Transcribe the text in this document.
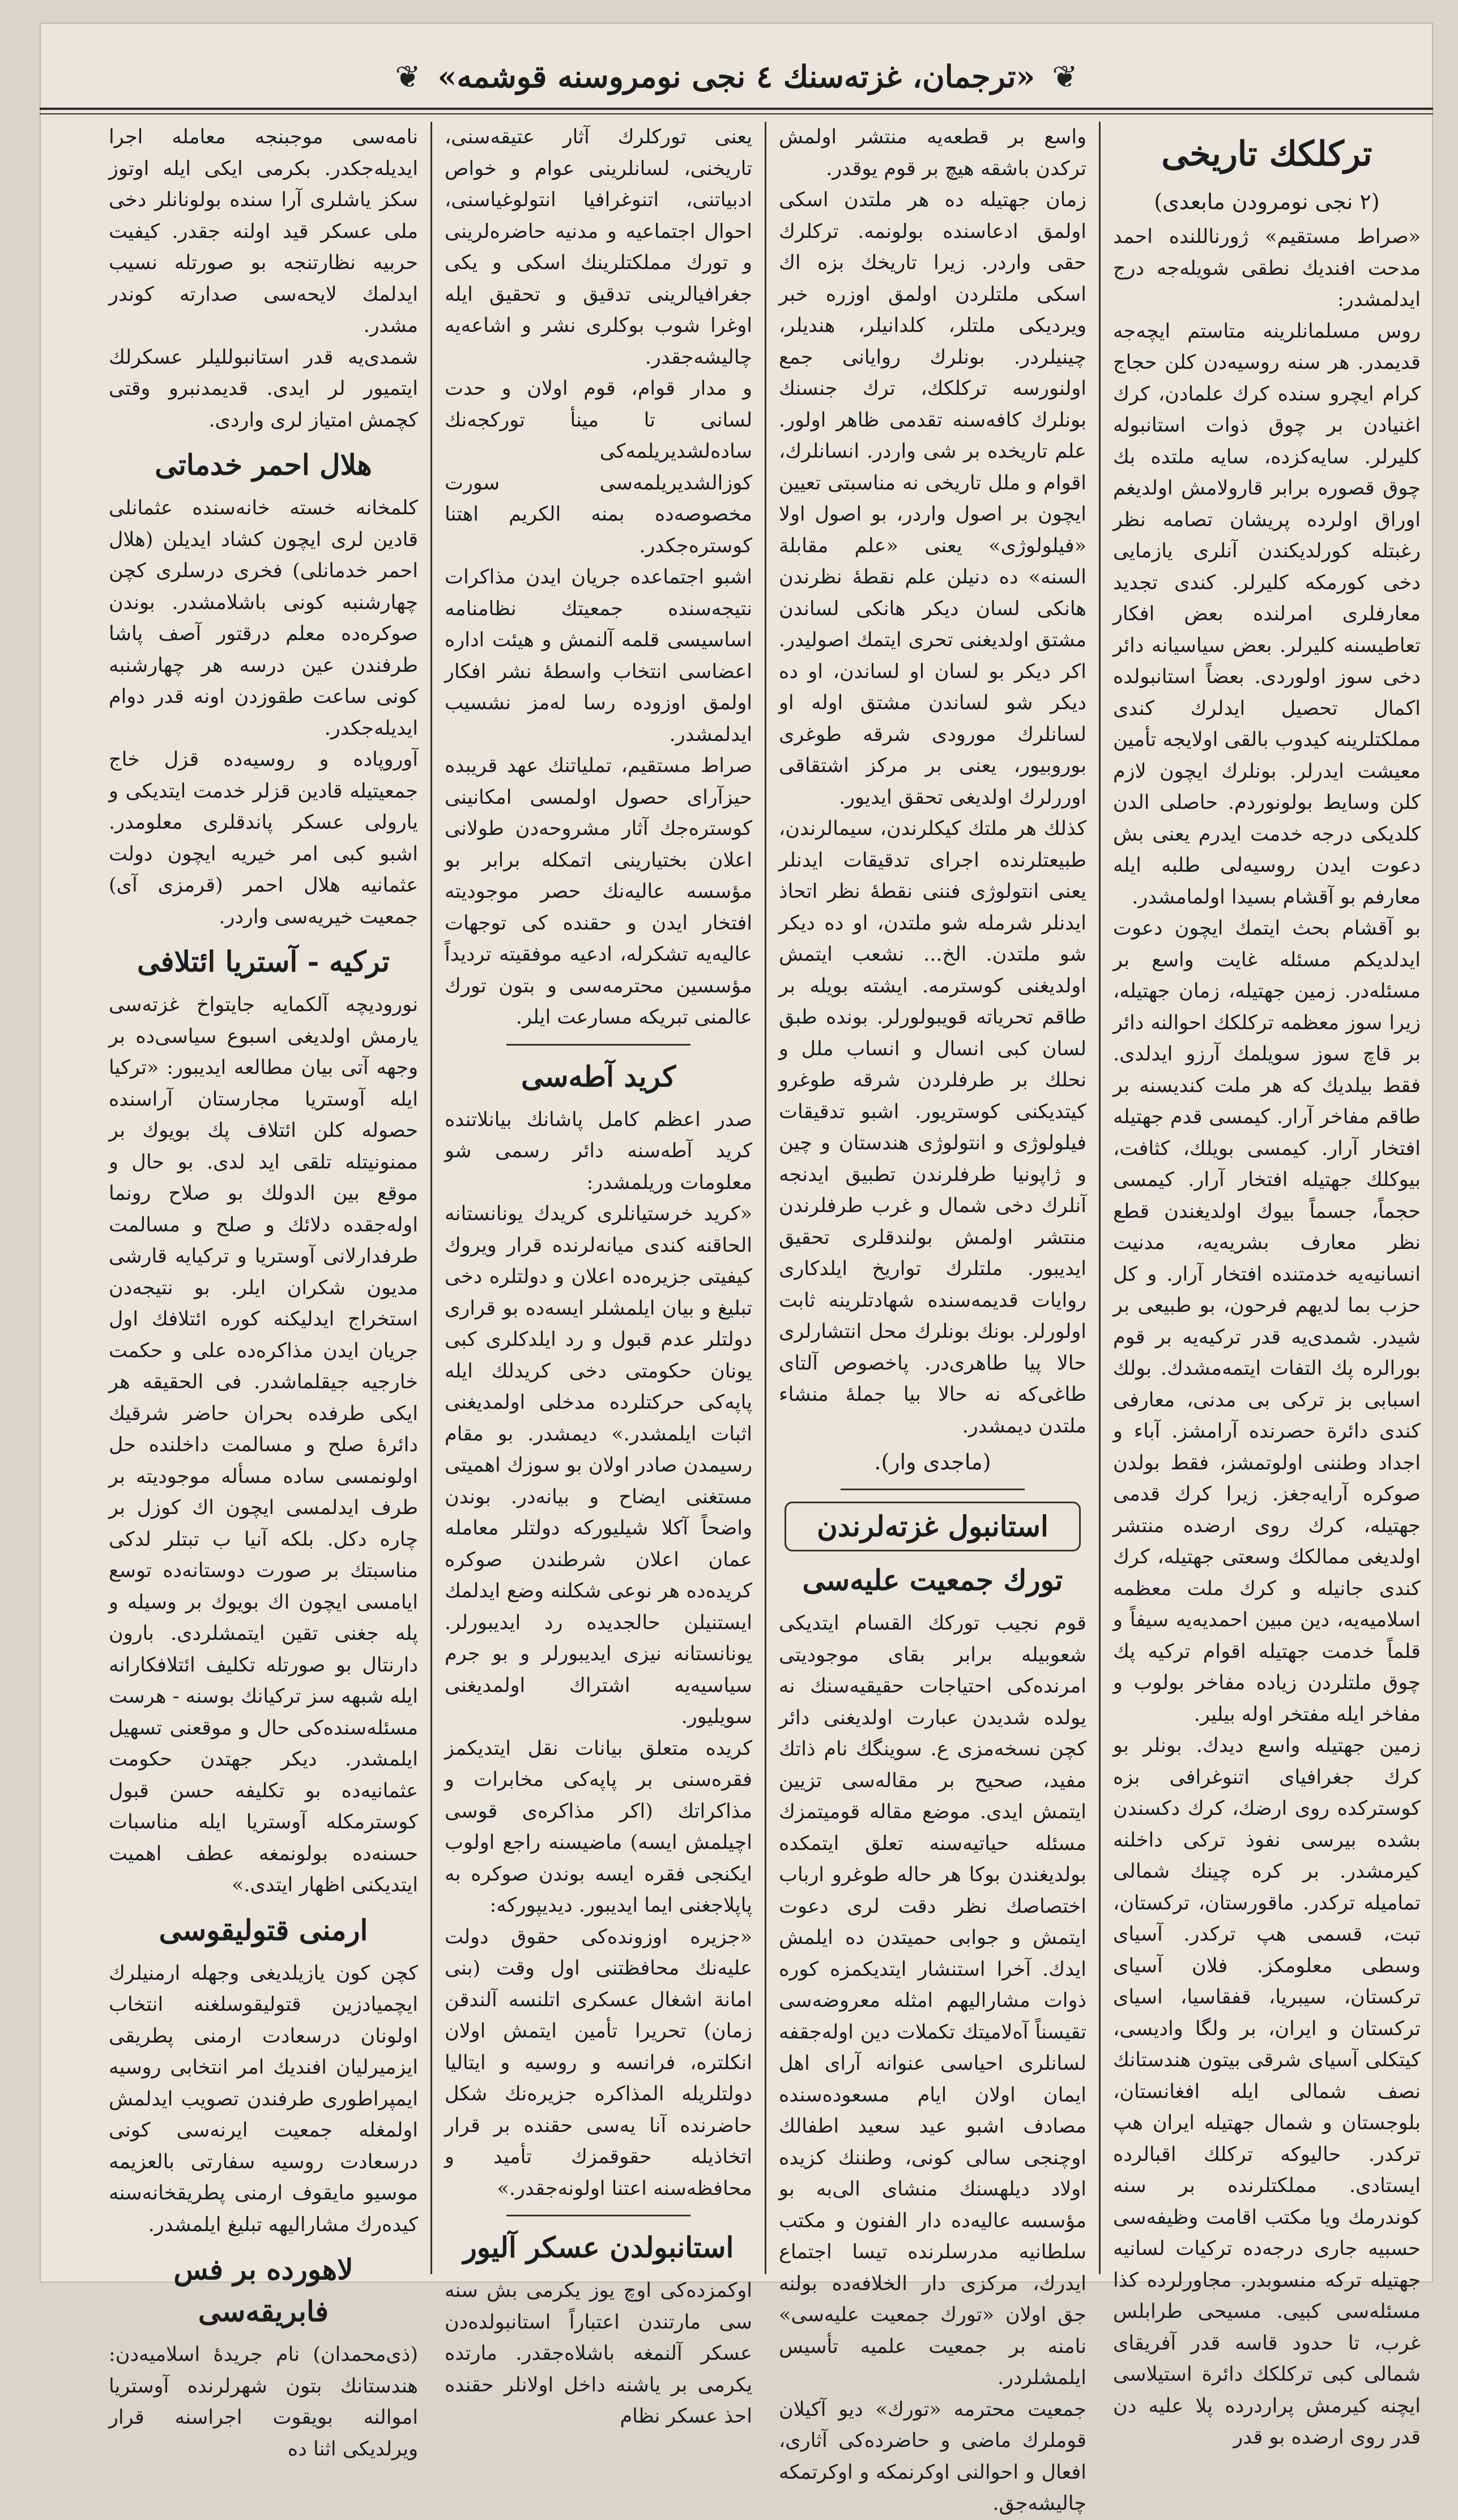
❦ «ترجمان، غزته‌سنك ٤ نجی نومروسنه قوشمه» ❦
تركلكك تاريخی
(٢ نجی نومرودن مابعدی)

«صراط مستقيم» ژورناللنده احمد مدحت افنديك نطقی شويله‌جه درج ايدلمشدر:

روس مسلمانلرينه متاستم ايچه‌جه قديمدر. هر سنه روسيه‌دن كلن حجاج كرام ايچرو سنده كرك علمادن، كرك اغنيادن بر چوق ذوات استانبوله كليرلر. سايه‌كزده، سايه ملتده بك چوق قصوره برابر قارولامش اولديغم اوراق اولرده پريشان تصامه نظر رغبتله كورلديكندن آنلری يازمايی دخی كورمكه كليرلر. كندی تجديد معارفلری امرلنده بعض افكار تعاطيسنه كليرلر. بعض سياسيانه دائر دخی سوز اولوردی. بعضاً استانبولده اكمال تحصيل ايدلرك كندی مملكتلرينه كيدوب بالقی اولايجه تأمين معيشت ايدرلر. بونلرك ايچون لازم كلن وسايط بولونوردم. حاصلی الدن كلديكی درجه خدمت ايدرم يعنی بش دعوت ايدن روسيه‌لی طلبه ايله معارفم بو آقشام بسيدا اولمامشدر.

بو آقشام بحث ايتمك ايچون دعوت ايدلديكم مسئله غايت واسع بر مسئله‌در. زمين جهتيله، زمان جهتيله، زيرا سوز معظمه تركلكك احوالنه دائر بر قاچ سوز سويلمك آرزو ايدلدی. فقط بيلديك كه هر ملت كنديسنه بر طاقم مفاخر آرار. كيمسی قدم جهتيله افتخار آرار. كيمسی بويلك، كثافت، بيوكلك جهتيله افتخار آرار. كيمسی حجماً، جسماً بيوك اولديغندن قطع نظر معارف بشريه‌يه، مدنيت انسانيه‌يه خدمتنده افتخار آرار. و كل حزب بما لديهم فرحون، بو طبيعی بر شيدر. شمدی‌يه قدر تركيه‌يه بر قوم بورالره پك التفات ايتمه‌مشدك. بولك اسبابی بز تركی بی مدنی، معارفی كندی دائرة حصرنده آرامشز. آباء و اجداد وطننی اولوتمشز، فقط بولدن صوكره آرايه‌جغز. زيرا كرك قدمی جهتيله، كرك روی ارضده منتشر اولديغی ممالكك وسعتی جهتيله، كرك كندی جانيله و كرك ملت معظمه اسلاميه‌يه، دين مبين احمديه‌يه سيفاً و قلماً خدمت جهتيله اقوام تركيه پك چوق ملتلردن زياده مفاخر بولوب و مفاخر ايله مفتخر اوله بيلير.

زمين جهتيله واسع ديدك. بونلر بو كرك جغرافيای اتنوغرافی بزه كوستركده روی ارضك، كرك دكسندن بشده بيرسی نفوذ تركی داخلنه كيرمشدر. بر كره چينك شمالی تماميله تركدر. ماقورستان، تركستان، تبت، قسمی هپ تركدر. آسيای وسطی معلومكز. فلان آسيای تركستان، سيبريا، قفقاسيا، اسيای تركستان و ايران، بر ولگا واديسی، كيتكلی آسيای شرقی بيتون هندستانك نصف شمالی ايله افغانستان، بلوجستان و شمال جهتيله ايران هپ تركدر. حاليوكه تركلك اقبالرده ايستادی. مملكتلرنده بر سنه كوندرمك ويا مكتب اقامت وظيفه‌سی حسبيه جاری درجه‌ده تركيات لسانيه جهتيله تركه منسوبدر. مجاورلرده كذا مسئله‌سی كبيی. مسيحی طرابلس غرب، تا حدود قاسه قدر آفريقای شمالی كبی تركلكك دائرة استيلاسی ايچنه كيرمش پراردرده پلا عليه دن قدر روی ارضده بو قدر

واسع بر قطعه‌يه منتشر اولمش تركدن باشقه هيچ بر قوم يوقدر.

زمان جهتيله ده هر ملتدن اسكی اولمق ادعاسنده بولونمه. تركلرك حقی واردر. زيرا تاريخك بزه اك اسكی ملتلردن اولمق اوزره خبر ويرديكی ملتلر، كلدانيلر، هنديلر، چينيلردر. بونلرك روايانی جمع اولنورسه تركلكك، ترك جنسنك بونلرك كافه‌سنه تقدمی ظاهر اولور. علم تاريخده بر شی واردر. انسانلرك، اقوام و ملل تاريخی نه مناسبتی تعيين ايچون بر اصول واردر، بو اصول اولا «فيلولوژی» يعنی «علم مقابلة السنه» ده دنيلن علم نقطهٔ نظرندن هانكی لسان ديكر هانكی لساندن مشتق اولديغنی تحری ايتمك اصوليدر. اكر ديكر بو لسان او لساندن، او ده ديكر شو لساندن مشتق اوله او لسانلرك مورودی شرقه طوغری بوروبيور، يعنی بر مركز اشتقاقی اوررلرك اولديغی تحقق ايديور.

كذلك هر ملتك كيكلرندن، سيمالرندن، طبيعتلرنده اجرای تدقيقات ايدنلر يعنی انتولوژی فننی نقطهٔ نظر اتحاذ ايدنلر شرمله شو ملتدن، او ده ديكر شو ملتدن. الخ... نشعب ايتمش اولديغنی كوسترمه. ايشته بويله بر طاقم تحرياته قويبولورلر. بونده طبق لسان كبی انسال و انساب ملل و نحلك بر طرفلردن شرقه طوغرو كيتديكنی كوستريور. اشبو تدقيقات فيلولوژی و انتولوژی هندستان و چين و ژاپونيا طرفلرندن تطبيق ايدنجه آنلرك دخی شمال و غرب طرفلرندن منتشر اولمش بولندقلری تحقيق ايديبور. ملتلرك تواريخ ايلدكاری روايات قديمه‌سنده شهادتلرينه ثابت اولورلر. بونك بونلرك محل انتشارلری حالا پيا طاهری‌در. پاخصوص آلتای طاغی‌كه نه حالا بيا جملهٔ منشاء ملتدن ديمشدر.

(ماجدی وار).
استانبول غزته‌لرندن
تورك جمعيت عليه‌سی

قوم نجيب توركك القسام ايتديكی شعوبيله برابر بقای موجوديتی امرنده‌كی احتياجات حقيقيه‌سنك نه يولده شديدن عبارت اولديغنی دائر كچن نسخه‌مزی ع. سوينگك نام ذاتك مفيد، صحيح بر مقاله‌سی تزيين ايتمش ايدی. موضع مقاله قوميتمزك مسئله حياتيه‌سنه تعلق ايتمكده بولديغندن بوكا هر حاله طوغرو ارباب اختصاصك نظر دقت لری دعوت ايتمش و جوابی حميتدن ده ايلمش ايدك. آخرا استنشار ايتديكمزه كوره ذوات مشاراليهم امثله معروضه‌سی تقيسناً آه‌لاميتك تكملات دين اوله‌جقفه لسانلری احياسی عنوانه آرای اهل ايمان اولان ايام مسعوده‌سنده مصادف اشبو عيد سعيد اطفالك اوچنجی سالی كونی، وطننك كزيده اولاد ديلهسنك منشای الی‌به بو مؤسسه عاليه‌ده دار الفنون و مكتب سلطانيه مدرسلرنده تيسا اجتماع ايدرك، مركزی دار الخلافه‌ده بولنه جق اولان «تورك جمعيت عليه‌سی» نامنه بر جمعيت علميه تأسيس ايلمشلردر.

جمعيت محترمه «تورك» ديو آكيلان قوملرك ماضی و حاضرده‌كی آثاری، افعال و احوالنی اوكرنمكه و اوكرتمكه چاليشه‌جق.

يعنی توركلرك آثار عتيقه‌سنی، تاريخنی، لسانلرينی عوام و خواص ادبياتنی، اتنوغرافيا انتولوغياسنی، احوال اجتماعيه و مدنيه حاضره‌لرينی و تورك مملكتلرينك اسكی و يكی جغرافيالرينی تدقيق و تحقيق ايله اوغرا شوب بوكلری نشر و اشاعه‌يه چاليشه‌جقدر.

و مدار قوام، قوم اولان و حدت لسانی تا مينأ توركجه‌نك ساده‌لشديريلمه‌كی كوزالشديريلمه‌سی سورت مخصوصه‌ده بمنه الكريم اهتنا كوستره‌جكدر.

اشبو اجتماعده جريان ايدن مذاكرات نتيجه‌سنده جمعيتك نظامنامه اساسيسی قلمه آلنمش و هيئت اداره اعضاسی انتخاب واسطهٔ نشر افكار اولمق اوزوده رسا لەمز نشسيب ايدلمشدر.

صراط مستقيم، تملياتنك عهد قريبده حيزآرای حصول اولمسی امكانينی كوستره‌جك آثار مشروحه‌دن طولانی اعلان بختيارينی اتمكله برابر بو مؤسسه عاليه‌نك حصر موجوديته افتخار ايدن و حقنده كی توجهات عاليه‌يه تشكرله، ادعيه موفقيته ترديداً مؤسسين محترمه‌سی و بتون تورك عالمنی تبريكه مسارعت ايلر.

كريد آطه‌سی

صدر اعظم كامل پاشانك بيانلاتنده كريد آطه‌سنه دائر رسمی شو معلومات وريلمشدر:

«كريد خرستيانلری كريدك يونانستانه الحاقنه كندی ميانه‌لرنده قرار ويروك كيفيتی جزيره‌ده اعلان و دولتلره دخی تبليغ و بيان ايلمشلر ايسه‌ده بو قراری دولتلر عدم قبول و رد ايلدكلری كبی يونان حكومتی دخی كريدلك ايله پاپه‌كی حركتلرده مدخلی اولمديغنی اثبات ايلمشدر.» ديمشدر. بو مقام رسيمدن صادر اولان بو سوزك اهميتی مستغنی ايضاح و بيانه‌در. بوندن واضحاً آكلا شيليوركه دولتلر معامله عمان اعلان شرطندن صوكره كريده‌ده هر نوعی شكلنه وضع ايدلمك ايستنيلن حالجديده رد ايديبورلر. يونانستانه نيزی ايديبورلر و بو جرم سياسيه‌يه اشتراك اولمديغنی سويليور.

كريده متعلق بيانات نقل ايتديكمز فقره‌سنی بر پاپه‌كی مخابرات و مذاكراتك (اكر مذاكره‌ی قوسی اچيلمش ايسه) ماضيسنه راجع اولوب ايكنجی فقره ايسه بوندن صوكره به پاپلاجغنی ايما ايديبور. ديديپوركه:

«جزيره اوزونده‌كی حقوق دولت عليه‌نك محافظتنی اول وقت (بنی امانة اشغال عسكری اتلنسه آلندقن زمان) تحريرا تأمين ايتمش اولان انكلتره، فرانسه و روسيه و ايتاليا دولتلريله المذاكره جزيره‌نك شكل حاضرنده آنا يه‌سی حقنده بر قرار اتخاذيله حقوقمزك تأميد و محافظه‌سنه اعتنا اولونه‌جقدر.»

استانبولدن عسكر آليور

اوكمزده‌كی اوچ يوز يكرمی بش سنه سی مارتندن اعتباراً استانبولده‌دن عسكر آلنمغه باشلاه‌جقدر. مارتده يكرمی بر ياشنه داخل اولانلر حقنده احذ عسكر نظام

نامه‌سی موجبنجه معامله اجرا ايديله‌جكدر. بكرمی ايكی ايله اوتوز سكز ياشلری آرا سنده بولونانلر دخی ملی عسكر قيد اولنه جقدر. كيفيت حربيه نظارتنجه بو صورتله نسيب ايدلمك لايحه‌سی صدارته كوندر مشدر.

شمدی‌يه قدر استانبولليلر عسكرلك ايتميور لر ايدی. قديمدنبرو وقتی كچمش امتياز لری واردی.

هلال احمر خدماتی

كلمخانه خسته خانه‌سنده عثمانلی قادين لری ايچون كشاد ايديلن (هلال احمر خدمانلی) فخری درسلری كچن چهارشنبه كونی باشلامشدر. بوندن صوكره‌ده معلم درقتور آصف پاشا طرفندن عين درسه هر چهارشنبه كونی ساعت طقوزدن اونه قدر دوام ايديله‌جكدر.

آوروپاده و روسيه‌ده قزل خاج جمعيتيله قادين قزلر خدمت ايتديكی و يارولی عسكر پاندقلری معلومدر. اشبو كبی امر خيريه ايچون دولت عثمانيه هلال احمر (قرمزی آی) جمعيت خيريه‌سی واردر.

تركيه - آستريا ائتلافی

نوروديچه آلكمايه جايتواخ غزته‌سی يارمش اولديغی اسبوع سياسی‌ده بر وجهه آتی بيان مطالعه ايديبور: «تركيا ايله آوستريا مجارستان آراسنده حصوله كلن ائتلاف پك بويوك بر ممنونيتله تلقی ايد لدی. بو حال و موقع بين الدولك بو صلاح رونما اوله‌جقده دلائك و صلح و مسالمت طرفدارلانی آوستريا و تركيايه قارشی مديون شكران ايلر. بو نتيجه‌دن استخراج ايدليكنه كوره ائتلافك اول جريان ايدن مذاكره‌ده علی و حكمت خارجيه جيقلماشدر. فی الحقيقه هر ايكی طرفده بحران حاضر شرقيك دائرهٔ صلح و مسالمت داخلنده حل اولونمسی ساده مسأله موجوديته بر طرف ايدلمسی ايچون اك كوزل بر چاره دكل. بلكه آنيا ب تبتلر لدكی مناسبتك بر صورت دوستانه‌ده توسع ايامسی ايچون اك بويوك بر وسيله و پله جغنی تقين ايتمشلردی. بارون دارنتال بو صورتله تكليف ائتلافكارانه ايله شبهه سز تركيانك بوسنه - هرست مسئله‌سنده‌كی حال و موقعنی تسهيل ايلمشدر. ديكر جهتدن حكومت عثمانيه‌ده بو تكليفه حسن قبول كوسترمكله آوستريا ايله مناسبات حسنه‌ده بولونمغه عطف اهميت ايتديكنی اظهار ايتدی.»

ارمنی قتوليقوسی

كچن كون يازيلديغی وجهله ارمنيلرك ايچميادزين قتوليقوسلغنه انتخاب اولونان درسعادت ارمنی پطريقی ايزميرليان افنديك امر انتخابی روسيه ايمپراطوری طرفندن تصويب ايدلمش اولمغله جمعيت ايرنه‌سی كونی درسعادت روسيه سفارتی بالعزيمه موسيو مايقوف ارمنی پطريقخانه‌سنه كيده‌رك مشاراليهه تبليغ ايلمشدر.

لاهورده بر فس فابريقه‌سی

(ذی‌محمدان) نام جريدهٔ اسلاميه‌دن: هندستانك بتون شهرلرنده آوستريا اموالنه بويقوت اجراسنه قرار ويرلديكی اثنا ده
